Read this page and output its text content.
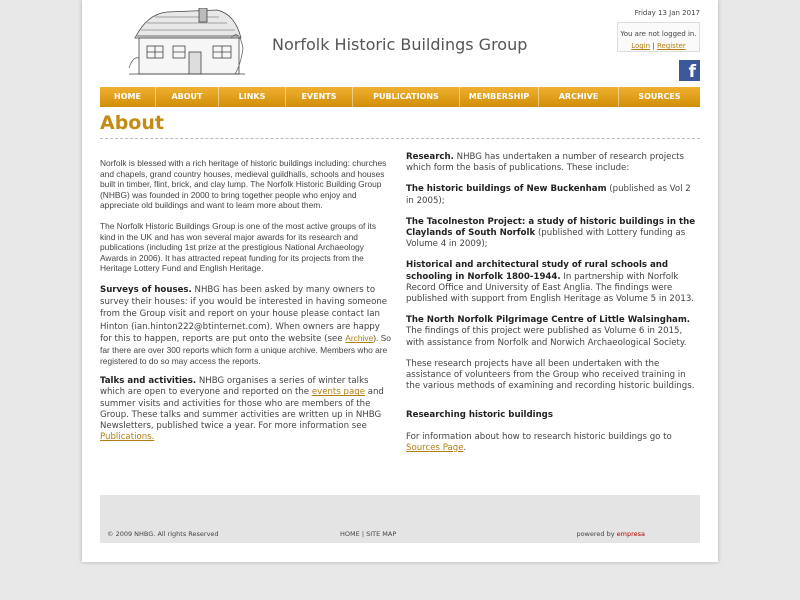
Norfolk Historic Buildings Group
Friday 13 Jan 2017
You are not logged in.
Login | Register
f
HOME	ABOUT	LINKS	EVENTS	PUBLICATIONS	MEMBERSHIP	ARCHIVE	SOURCES
About

Norfolk is blessed with a rich heritage of historic buildings including: churches and chapels, grand country houses, medieval guildhalls, schools and houses built in timber, flint, brick, and clay lump. The Norfolk Historic Building Group (NHBG) was founded in 2000 to bring together people who enjoy and appreciate old buildings and want to learn more about them.

The Norfolk Historic Buildings Group is one of the most active groups of its kind in the UK and has won several major awards for its research and publications (including 1st prize at the prestigious National Archaeology Awards in 2006). It has attracted repeat funding for its projects from the Heritage Lottery Fund and English Heritage.

Surveys of houses. NHBG has been asked by many owners to survey their houses: if you would be interested in having someone from the Group visit and report on your house please contact Ian Hinton (ian.hinton222@btinternet.com). When owners are happy for this to happen, reports are put onto the website (see Archive). So far there are over 300 reports which form a unique archive. Members who are registered to do so may access the reports.

Talks and activities. NHBG organises a series of winter talks which are open to everyone and reported on the events page and summer visits and activities for those who are members of the Group. These talks and summer activities are written up in NHBG Newsletters, published twice a year. For more information see Publications.

Research. NHBG has undertaken a number of research projects which form the basis of publications. These include:

The historic buildings of New Buckenham (published as Vol 2 in 2005);

The Tacolneston Project: a study of historic buildings in the Claylands of South Norfolk (published with Lottery funding as Volume 4 in 2009);

Historical and architectural study of rural schools and schooling in Norfolk 1800-1944. In partnership with Norfolk Record Office and University of East Anglia. The findings were published with support from English Heritage as Volume 5 in 2013.

The North Norfolk Pilgrimage Centre of Little Walsingham. The findings of this project were published as Volume 6 in 2015, with assistance from Norfolk and Norwich Archaeological Society.

These research projects have all been undertaken with the assistance of volunteers from the Group who received training in the various methods of examining and recording historic buildings.

Researching historic buildings

For information about how to research historic buildings go to Sources Page.

© 2009 NHBG. All rights Reserved	HOME | SITE MAP	powered by empresa
